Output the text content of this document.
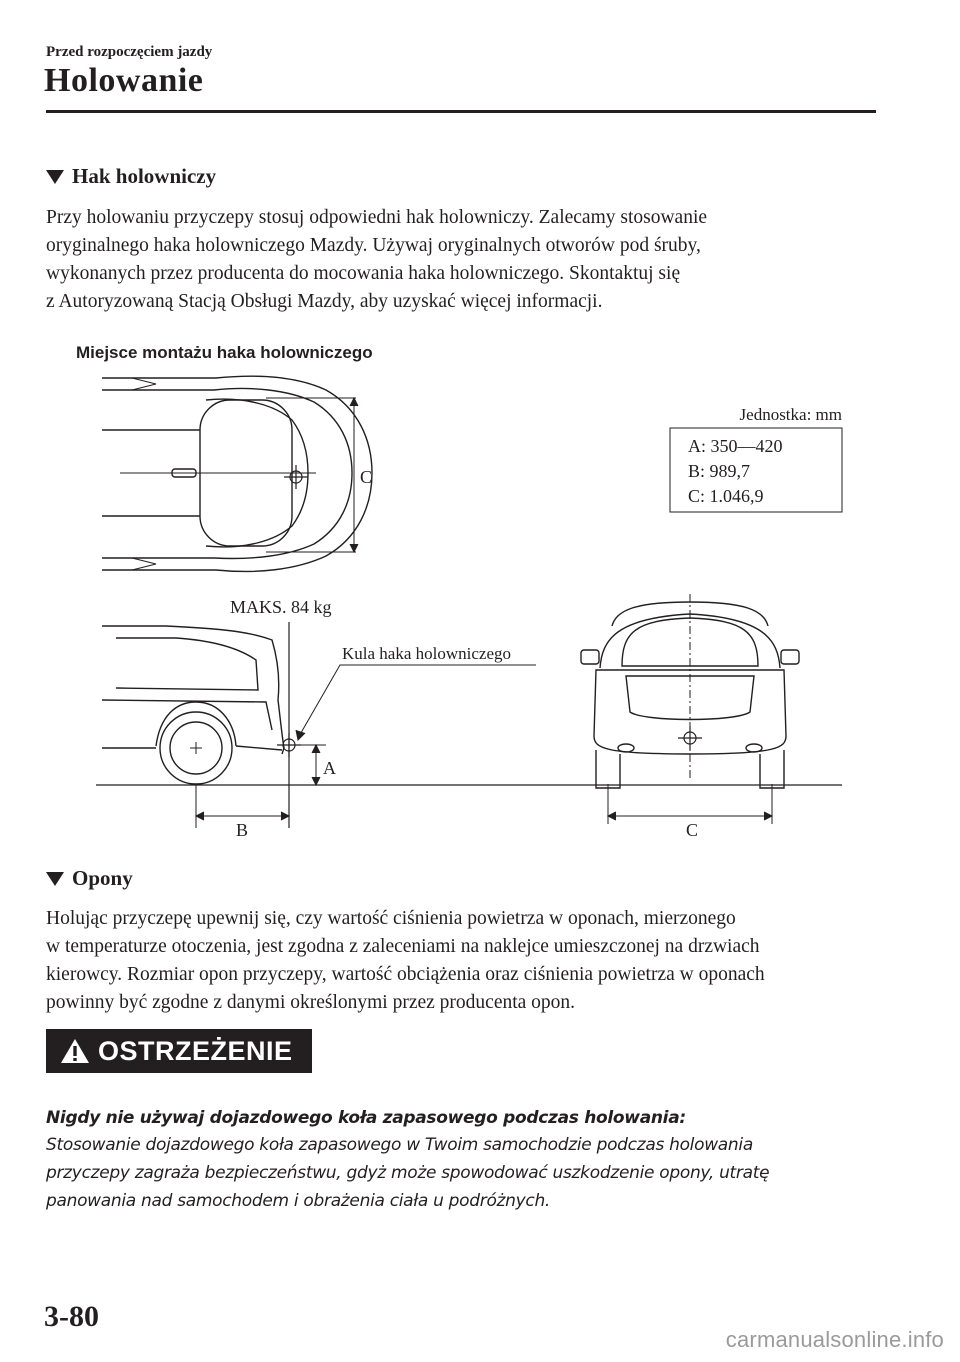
Przed rozpoczęciem jazdy
Holowanie
Hak holowniczy
Przy holowaniu przyczepy stosuj odpowiedni hak holowniczy. Zalecamy stosowanie
oryginalnego haka holowniczego Mazdy. Używaj oryginalnych otworów pod śruby,
wykonanych przez producenta do mocowania haka holowniczego. Skontaktuj się
z Autoryzowaną Stacją Obsługi Mazdy, aby uzyskać więcej informacji.
Miejsce montażu haka holowniczego
C
Jednostka: mm
A: 350—420
B: 989,7
C: 1.046,9
MAKS. 84 kg
Kula haka holowniczego
A
B	C
Opony
Holując przyczepę upewnij się, czy wartość ciśnienia powietrza w oponach, mierzonego
w temperaturze otoczenia, jest zgodna z zaleceniami na naklejce umieszczonej na drzwiach
kierowcy. Rozmiar opon przyczepy, wartość obciążenia oraz ciśnienia powietrza w oponach
powinny być zgodne z danymi określonymi przez producenta opon.
OSTRZEŻENIE
Nigdy nie używaj dojazdowego koła zapasowego podczas holowania:
Stosowanie dojazdowego koła zapasowego w Twoim samochodzie podczas holowania
przyczepy zagraża bezpieczeństwu, gdyż może spowodować uszkodzenie opony, utratę
panowania nad samochodem i obrażenia ciała u podróżnych.
3-80
carmanualsonline.info
